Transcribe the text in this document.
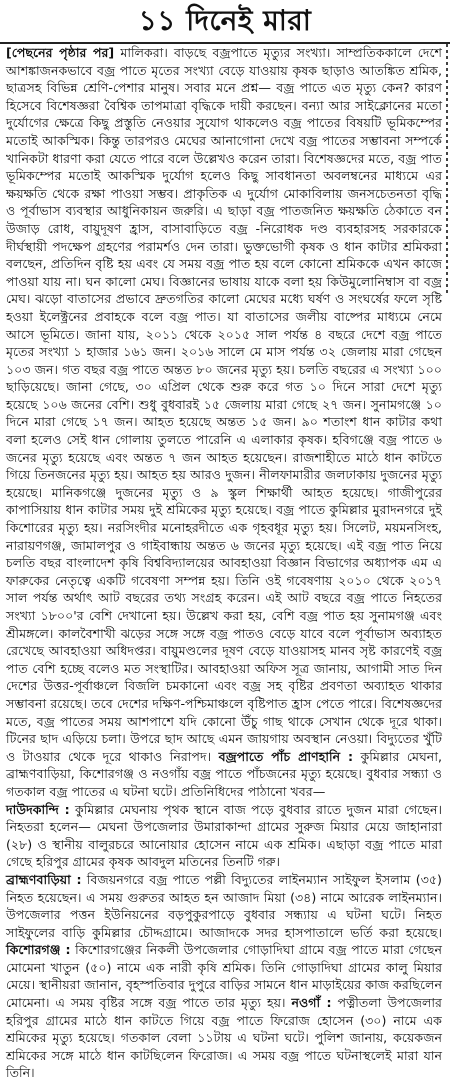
১১ দিনেই মারা
[পেছনের পৃষ্ঠার পর] মালিকরা। বাড়ছে বজ্রপাতে মৃত্যুর সংখ্যা। সাম্প্রতিককালে দেশে আশঙ্কাজনকভাবে বজ্র পাতে মৃতের সংখ্যা বেড়ে যাওয়ায় কৃষক ছাড়াও আতঙ্কিত শ্রমিক, ছাত্রসহ বিভিন্ন শ্রেণি-পেশার মানুষ। সবার মনে প্রশ্ন— বজ্র পাতে এত মৃত্যু কেন? কারণ হিসেবে বিশেষজ্ঞরা বৈশ্বিক তাপমাত্রা বৃদ্ধিকে দায়ী করছেন। বন্যা আর সাইক্লোনের মতো দুর্যোগের ক্ষেত্রে কিছু প্রস্তুতি নেওয়ার সুযোগ থাকলেও বজ্র পাতের বিষয়টি ভূমিকম্পের মতোই আকস্মিক। কিন্তু তারপরও মেঘের আনাগোনা দেখে বজ্র পাতের সম্ভাবনা সম্পর্কে খানিকটা ধারণা করা যেতে পারে বলে উল্লেখও করেন তারা। বিশেষজ্ঞদের মতে, বজ্র পাত ভূমিকম্পের মতোই আকস্মিক দুর্যোগ হলেও কিছু সাবধানতা অবলম্বনের মাধ্যমে এর ক্ষয়ক্ষতি থেকে রক্ষা পাওয়া সম্ভব। প্রাকৃতিক এ দুর্যোগ মোকাবিলায় জনসচেতনতা বৃদ্ধি ও পূর্বাভাস ব্যবস্থার আধুনিকায়ন জরুরি। এ ছাড়া বজ্র পাতজনিত ক্ষয়ক্ষতি ঠেকাতে বন উজাড় রোধ, বায়ুদূষণ হ্রাস, বাসাবাড়িতে বজ্র -নিরোধক দণ্ড ব্যবহারসহ সরকারকে দীর্ঘস্থায়ী পদক্ষেপ গ্রহণের পরামর্শও দেন তারা। ভুক্তভোগী কৃষক ও ধান কাটার শ্রমিকরা বলছেন, প্রতিদিন বৃষ্টি হয় এবং যে সময় বজ্র পাত হয় বলে কোনো শ্রমিককে এখন কাজে পাওয়া যায় না। ঘন কালো মেঘ। বিজ্ঞানের ভাষায় যাকে বলা হয় কিউমুলোনিম্বাস বা বজ্র মেঘ। ঝড়ো বাতাসের প্রভাবে দ্রুতগতির কালো মেঘের মধ্যে ঘর্ষণ ও সংঘর্ষের ফলে সৃষ্টি হওয়া ইলেক্ট্রনের প্রবাহকে বলে বজ্র পাত। যা বাতাসের জলীয় বাষ্পের মাধ্যমে নেমে আসে ভূমিতে। জানা যায়, ২০১১ থেকে ২০১৫ সাল পর্যন্ত ৪ বছরে দেশে বজ্র পাতে মৃতের সংখ্যা ১ হাজার ১৬১ জন। ২০১৬ সালে মে মাস পর্যন্ত ৩২ জেলায় মারা গেছেন ১০৩ জন। গত বছর বজ্র পাতে অন্তত ৮০ জনের মৃত্যু হয়। চলতি বছরের এ সংখ্যা ১০০ ছাড়িয়েছে। জানা গেছে, ৩০ এপ্রিল থেকে শুরু করে গত ১০ দিনে সারা দেশে মৃত্যু হয়েছে ১০৬ জনের বেশি। শুধু বুধবারই ১৫ জেলায় মারা গেছে ২৭ জন। সুনামগঞ্জে ১০ দিনে মারা গেছে ১৭ জন। আহত হয়েছে অন্তত ১৫ জন। ৯০ শতাংশ ধান কাটার কথা বলা হলেও সেই ধান গোলায় তুলতে পারেনি এ এলাকার কৃষক। হবিগঞ্জে বজ্র পাতে ৬ জনের মৃত্যু হয়েছে এবং অন্তত ৭ জন আহত হয়েছেন। রাজশাহীতে মাঠে ধান কাটতে গিয়ে তিনজনের মৃত্যু হয়। আহত হয় আরও দুজন। নীলফামারীর জলঢাকায় দুজনের মৃত্যু হয়েছে। মানিকগঞ্জে দুজনের মৃত্যু ও ৯ স্কুল শিক্ষার্থী আহত হয়েছে। গাজীপুরের কাপাসিয়ায় ধান কাটার সময় দুই শ্রমিকের মৃত্যু হয়েছে। বজ্র পাতে কুমিল্লার মুরাদনগরে দুই কিশোরের মৃত্যু হয়। নরসিংদীর মনোহরদীতে এক গৃহবধূর মৃত্যু হয়। সিলেট, ময়মনসিংহ, নারায়ণগঞ্জ, জামালপুর ও গাইবান্ধায় অন্তত ৬ জনের মৃত্যু হয়েছে। এই বজ্র পাত নিয়ে চলতি বছর বাংলাদেশ কৃষি বিশ্ববিদ্যালয়ের আবহাওয়া বিজ্ঞান বিভাগের অধ্যাপক এম এ ফারুকের নেতৃত্বে একটি গবেষণা সম্পন্ন হয়। তিনি ওই গবেষণায় ২০১০ থেকে ২০১৭ সাল পর্যন্ত অর্থাৎ আট বছরের তথ্য সংগ্রহ করেন। এই আট বছরে বজ্র পাতে নিহতের সংখ্যা ১৮০০'র বেশি দেখানো হয়। উল্লেখ করা হয়, বেশি বজ্র পাত হয় সুনামগঞ্জ এবং শ্রীমঙ্গলে। কালবৈশাখী ঝড়ের সঙ্গে সঙ্গে বজ্র পাতও বেড়ে যাবে বলে পূর্বাভাস অব্যাহত রেখেছে আবহাওয়া অধিদপ্তর। বায়ুমণ্ডলের দূষণ বেড়ে যাওয়াসহ মানব সৃষ্ট কারণেই বজ্র পাত বেশি হচ্ছে বলেও মত সংস্থাটির। আবহাওয়া অফিস সূত্র জানায়, আগামী সাত দিন দেশের উত্তর-পূর্বাঞ্চলে বিজলি চমকানো এবং বজ্র সহ বৃষ্টির প্রবণতা অব্যাহত থাকার সম্ভাবনা রয়েছে। তবে দেশের দক্ষিণ-পশ্চিমাঞ্চলে বৃষ্টিপাত হ্রাস পেতে পারে। বিশেষজ্ঞদের মতে, বজ্র পাতের সময় আশপাশে যদি কোনো উঁচু গাছ থাকে সেখান থেকে দূরে থাকা। টিনের ছাদ এড়িয়ে চলা। উপরে ছাদ আছে এমন জায়গায় অবস্থান নেওয়া। বিদ্যুতের খুঁটি ও টাওয়ার থেকে দূরে থাকাও নিরাপদ। বজ্রপাতে পাঁচ প্রাণহানি : কুমিল্লার মেঘনা, ব্রাহ্মণবাড়িয়া, কিশোরগঞ্জ ও নওগাঁয় বজ্র পাতে পাঁচজনের মৃত্যু হয়েছে। বুধবার সন্ধ্যা ও গতকাল বজ্র পাতের এ ঘটনা ঘটে। প্রতিনিধিদের পাঠানো খবর—
দাউদকান্দি : কুমিল্লার মেঘনায় পৃথক স্থানে বাজ পড়ে বুধবার রাতে দুজন মারা গেছেন। নিহতরা হলেন— মেঘনা উপজেলার উমারাকান্দা গ্রামের সুরুজ মিয়ার মেয়ে জাহানারা (২৮) ও স্থানীয় বালুরচরে আনোয়ার হোসেন নামে এক শ্রমিক। এছাড়া বজ্র পাতে মারা গেছে হরিপুর গ্রামের কৃষক আবদুল মতিনের তিনটি গরু।
ব্রাহ্মণবাড়িয়া : বিজয়নগরে বজ্র পাতে পল্লী বিদ্যুতের লাইনম্যান সাইফুল ইসলাম (৩৫) নিহত হয়েছেন। এ সময় গুরুতর আহত হন আজাদ মিয়া (৩৪) নামে আরেক লাইনম্যান। উপজেলার পত্তন ইউনিয়নের বড়পুকুরপাড়ে বুধবার সন্ধ্যায় এ ঘটনা ঘটে। নিহত সাইফুলের বাড়ি কুমিল্লার চৌদ্দগ্রামে। আজাদকে সদর হাসপাতালে ভর্তি করা হয়েছে। কিশোরগঞ্জ : কিশোরগঞ্জের নিকলী উপজেলার গোড়াদিঘা গ্রামে বজ্র পাতে মারা গেছেন মোমেনা খাতুন (৫০) নামে এক নারী কৃষি শ্রমিক। তিনি গোড়াদিঘা গ্রামের কালু মিয়ার মেয়ে। স্থানীয়রা জানান, বৃহস্পতিবার দুপুরে বাড়ির সামনে ধান মাড়াইয়ের কাজ করছিলেন মোমেনা। এ সময় বৃষ্টির সঙ্গে বজ্র পাতে তার মৃত্যু হয়। নওগাঁ : পত্নীতলা উপজেলার হরিপুর গ্রামের মাঠে ধান কাটতে গিয়ে বজ্র পাতে ফিরোজ হোসেন (৩০) নামে এক শ্রমিকের মৃত্যু হয়েছে। গতকাল বেলা ১১টায় এ ঘটনা ঘটে। পুলিশ জানায়, কয়েকজন শ্রমিকের সঙ্গে মাঠে ধান কাটছিলেন ফিরোজ। এ সময় বজ্র পাতে ঘটনাস্থলেই মারা যান তিনি।
